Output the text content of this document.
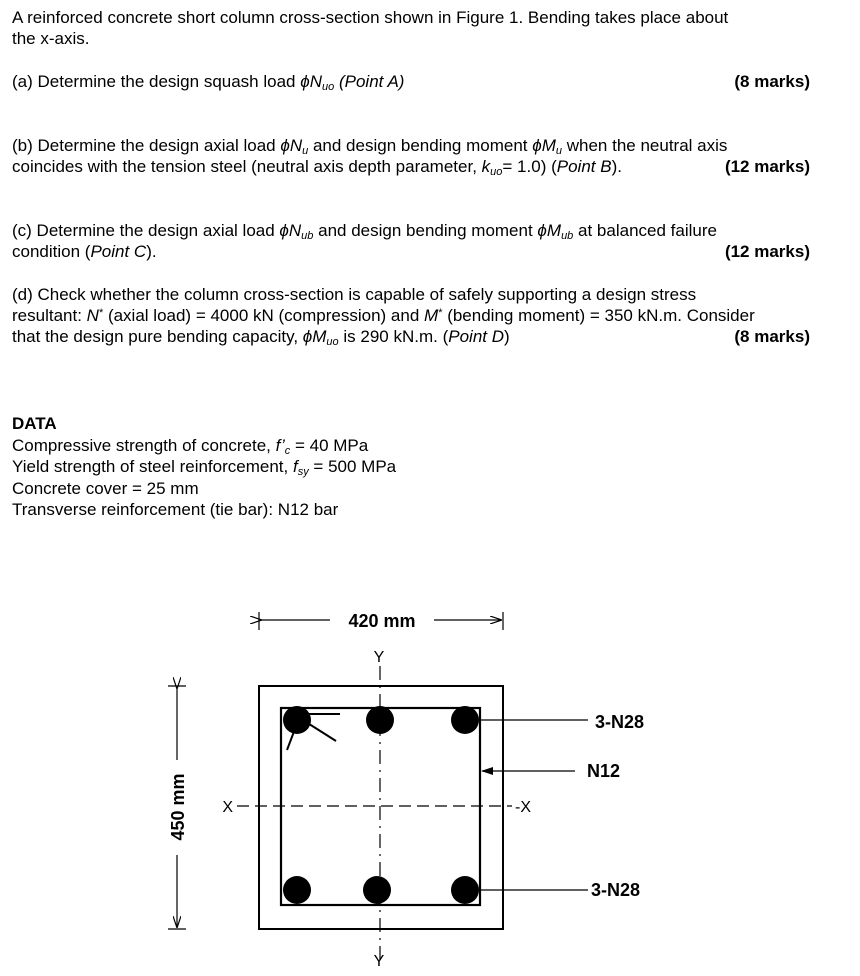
A reinforced concrete short column cross-section shown in Figure 1. Bending takes place about
the x-axis.
(a) Determine the design squash load $\phi N_{uo}$ (Point A)	(8 marks)
(b) Determine the design axial load $\phi N_u$ and design bending moment $\phi M_u$ when the neutral axis
coincides with the tension steel (neutral axis depth parameter, $k_{uo}= 1.0$) (Point B).	(12 marks)
(c) Determine the design axial load $\phi N_{ub}$ and design bending moment $\phi M_{ub}$ at balanced failure
condition (Point C).	(12 marks)
(d) Check whether the column cross-section is capable of safely supporting a design stress
resultant: N* (axial load) = 4000 kN (compression) and M* (bending moment) = 350 kN.m. Consider
that the design pure bending capacity, $\phi M_{uo}$ is 290 kN.m. (Point D)	(8 marks)
DATA
Compressive strength of concrete, $f’_c = 40$ MPa
Yield strength of steel reinforcement, $f_{sy} = 500$ MPa
Concrete cover = 25 mm
Transverse reinforcement (tie bar): N12 bar
420 mm
450 mm
Y
Y
X	-X
3-N28
N12
3-N28
